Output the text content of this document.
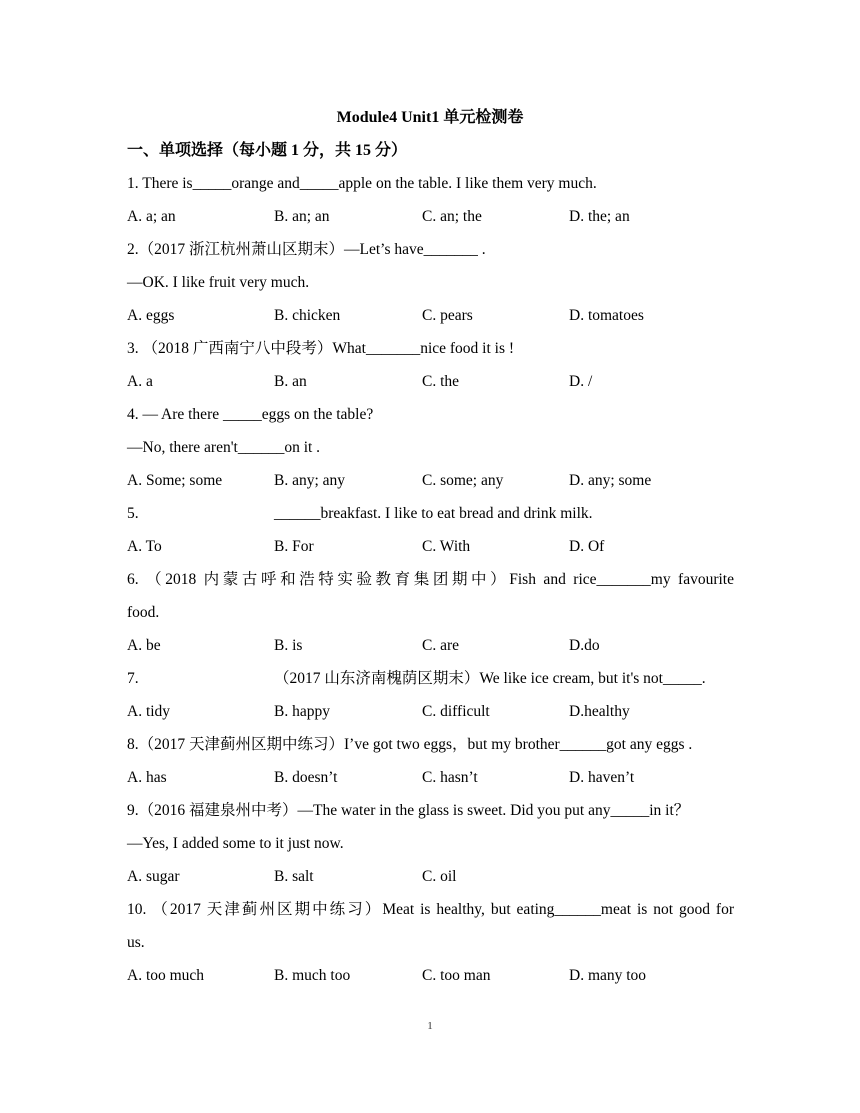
Module4 Unit1 单元检测卷
一、单项选择（每小题 1 分，共 15 分）
1. There is_____orange and_____apple on the table. I like them very much.
A. a; an	B. an; an	C. an; the	D. the; an
2.（2017 浙江杭州萧山区期末）—Let’s have_______ .
—OK. I like fruit very much.
A. eggs	B. chicken	C. pears	D. tomatoes
3. （2018 广西南宁八中段考）What_______nice food it is !
A. a	B. an	C. the	D. /
4. — Are there _____eggs on the table?
—No, there aren't______on it .
A. Some; some	B. any; any	C. some; any	D. any; some
5.	______breakfast. I like to eat bread and drink milk.
A. To	B. For	C. With	D. Of
6. （2018 内蒙古呼和浩特实验教育集团期中）Fish and rice_______my favourite
food.
A. be	B. is	C. are	D.do
7.	（2017 山东济南槐荫区期末）We like ice cream, but it's not_____.
A. tidy	B. happy	C. difficult	D.healthy
8.（2017 天津蓟州区期中练习）I’ve got two eggs，but my brother______got any eggs .
A. has	B. doesn’t	C. hasn’t	D. haven’t
9.（2016 福建泉州中考）—The water in the glass is sweet. Did you put any_____in it？
—Yes, I added some to it just now.
A. sugar	B. salt	C. oil
10. （2017 天津蓟州区期中练习）Meat is healthy, but eating______meat is not good for
us.
A. too much	B. much too	C. too man	D. many too
1
